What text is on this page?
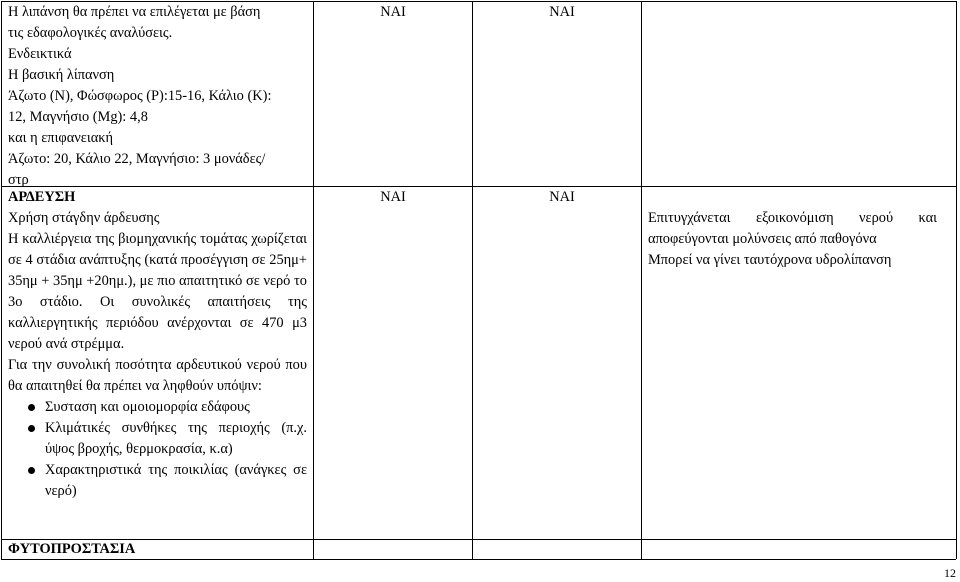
Η λιπάνση θα πρέπει να επιλέγεται με βάση
τις εδαφολογικές αναλύσεις.
Ενδεικτικά
Η βασική λίπανση
Άζωτο (N), Φώσφωρος (P):15-16, Κάλιο (K):
12, Μαγνήσιο (Mg): 4,8
και η επιφανειακή
Άζωτο: 20, Κάλιο 22, Μαγνήσιο: 3 μονάδες/
στρ
ΝΑΙ	ΝΑΙ
ΑΡΔΕΥΣΗ
Χρήση στάγδην άρδευσης
Η καλλιέργεια της βιομηχανικής τομάτας χωρίζεται σε 4 στάδια ανάπτυξης (κατά προσέγγιση σε 25ημ+ 35ημ + 35ημ +20ημ.), με πιο απαιτητικό σε νερό το 3ο στάδιο. Οι συνολικές απαιτήσεις της καλλιεργητικής περιόδου ανέρχονται σε 470 μ3 νερού ανά στρέμμα.
Για την συνολική ποσότητα αρδευτικού νερού που θα απαιτηθεί θα πρέπει να ληφθούν υπόψιν:
Συσταση και ομοιομορφία εδάφους
Κλιμάτικές συνθήκες της περιοχής (π.χ. ύψος βροχής, θερμοκρασία, κ.α)
Χαρακτηριστικά της ποικιλίας (ανάγκες σε νερό)
ΝΑΙ	ΝΑΙ
Επιτυγχάνεται εξοικονόμιση νερού και
αποφεύγονται μολύνσεις από παθογόνα
Μπορεί να γίνει ταυτόχρονα υδρολίπανση
ΦΥΤΟΠΡΟΣΤΑΣΙΑ
12
